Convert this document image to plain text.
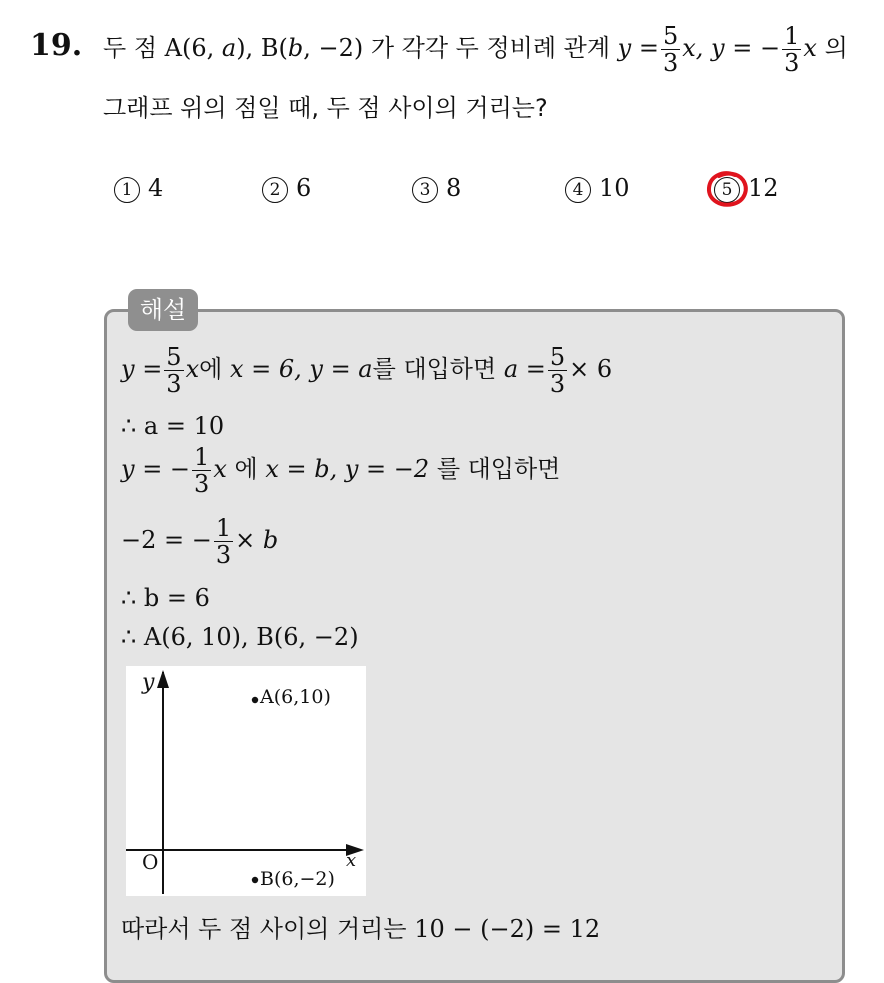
19. 두 점 A(6, a), B(b, −2) 가 각각 두 정비례 관계 $y = \frac{5}{3} x$, y = − $\frac{1}{3}$ x 의
그래프 위의 점일 때, 두 점 사이의 거리는?
1 4	2 6	3 8	4 10	5 12
해설
$y = \frac{5}{3}$ x에 x = 6, y = a를 대입하면 $a = \frac{5}{3} \times 6$
∴ a = 10
y = − $\frac{1}{3}$ x 에 x = b, y = −2 를 대입하면
−2 = − $\frac{1}{3} \times b$
∴ b = 6
∴ A(6, 10), B(6, −2)
y
x
O
A(6,10)
B(6,−2)
따라서 두 점 사이의 거리는 10 − (−2) = 12
